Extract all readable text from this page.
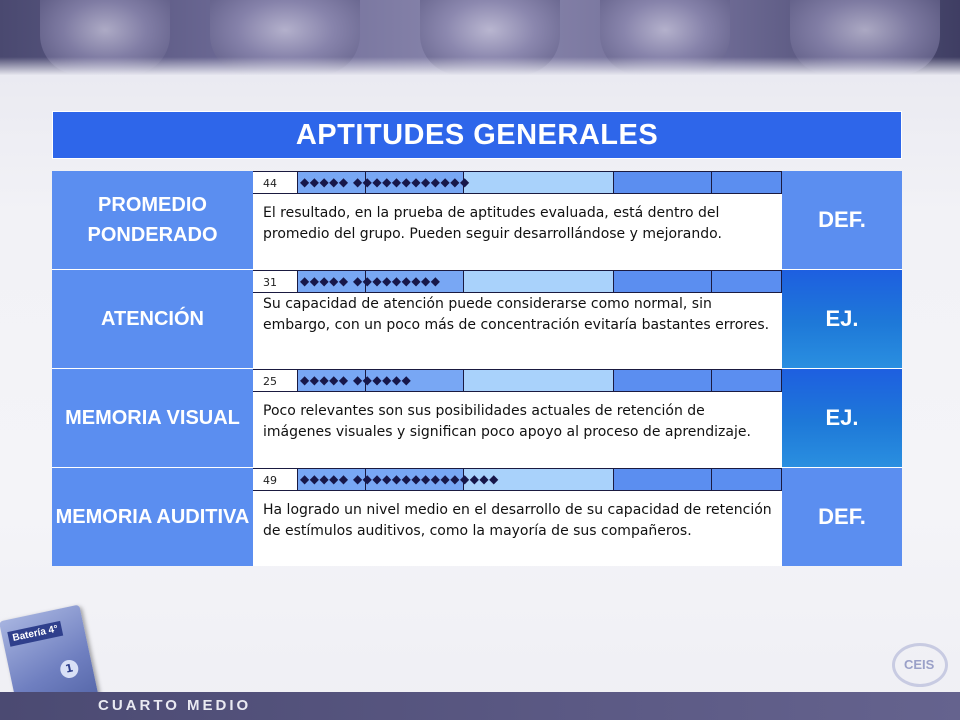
APTITUDES GENERALES
PROMEDIO PONDERADO
44 ◆◆◆◆◆ ◆◆◆◆◆◆◆◆◆◆◆◆
El resultado, en la prueba de aptitudes evaluada, está dentro del promedio del grupo. Pueden seguir desarrollándose y mejorando.
DEF.
ATENCIÓN
31 ◆◆◆◆◆ ◆◆◆◆◆◆◆◆◆
Su capacidad de atención puede considerarse como normal, sin embargo, con un poco más de concentración evitaría bastantes errores.	EJ.
MEMORIA VISUAL
25 ◆◆◆◆◆ ◆◆◆◆◆◆
Poco relevantes son sus posibilidades actuales de retención de imágenes visuales y significan poco apoyo al proceso de aprendizaje.
EJ.
MEMORIA AUDITIVA
49 ◆◆◆◆◆ ◆◆◆◆◆◆◆◆◆◆◆◆◆◆◆
Ha logrado un nivel medio en el desarrollo de su capacidad de retención de estímulos auditivos, como la mayoría de sus compañeros.
DEF.
Batería 4°
1	CEIS
CUARTO MEDIO
